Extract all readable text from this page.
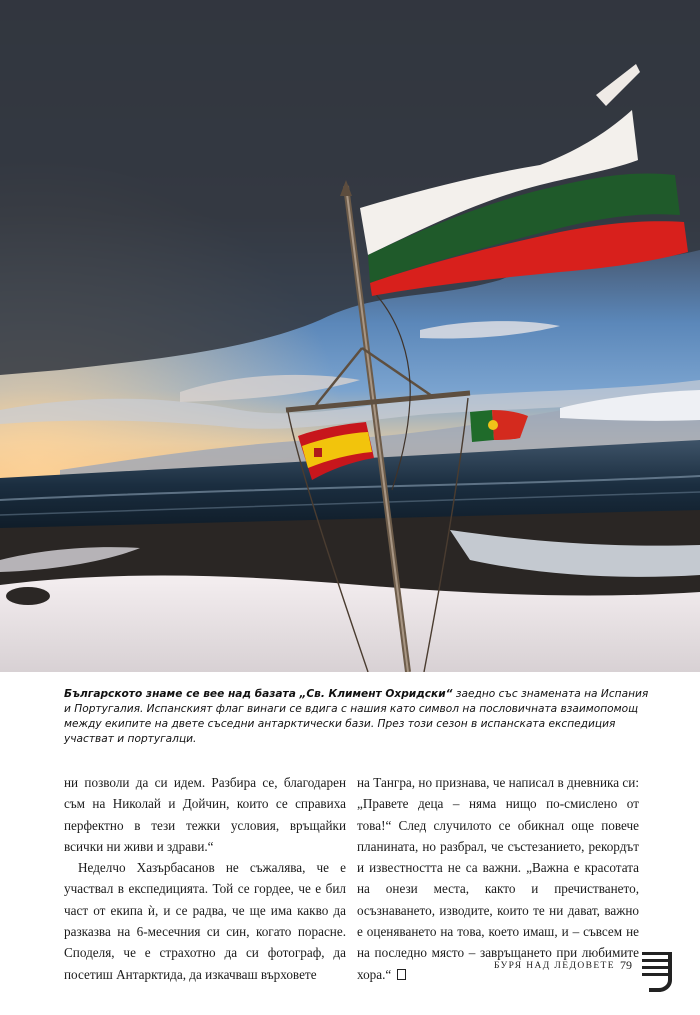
Българското знаме се вее над базата „Св. Климент Охридски“ заедно със знамената на Испания и Португалия. Испанският флаг винаги се вдига с нашия като символ на пословичната взаимопомощ между екипите на двете съседни антарктически бази. През този сезон в испанската експедиция участват и португалци.

ни позволи да си идем. Разбира се, благодарен съм на Николай и Дойчин, които се справиха перфектно в тези тежки условия, връщайки всички ни живи и здрави.“

Неделчо Хазърбасанов не съжалява, че е участвал в експедицията. Той се гордее, че е бил част от екипа ѝ, и се радва, че ще има какво да разказва на 6-месечния си син, когато порасне. Споделя, че е страхотно да си фотограф, да посетиш Антарктида, да изкачваш върховете

на Тангра, но признава, че написал в дневника си: „Правете деца – няма нищо по-смислено от това!“ След случилото се обикнал още повече планината, но разбрал, че състезанието, рекордът и известността не са важни. „Важна е красотата на онези места, както и пречистването, осъзнаването, изводите, които те ни дават, важно е оценяването на това, което имаш, и – съвсем не на последно място – завръщането при любимите хора.“

БУРЯ НАД ЛЕДОВЕТЕ 79
